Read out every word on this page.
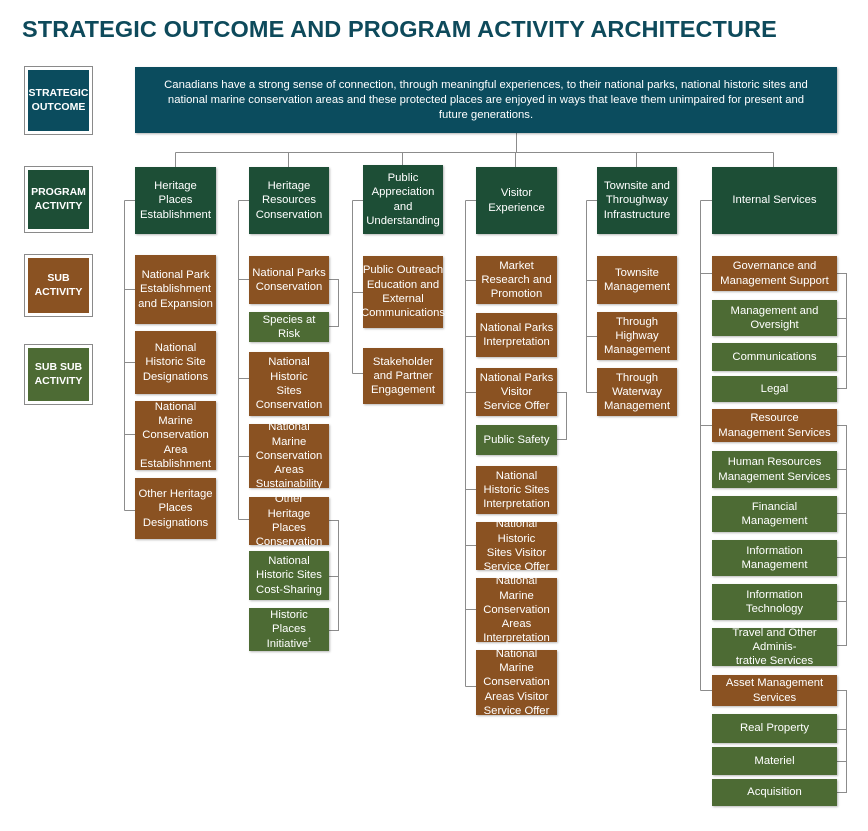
STRATEGIC OUTCOME AND PROGRAM ACTIVITY ARCHITECTURE
STRATEGIC
OUTCOME
PROGRAM
ACTIVITY
SUB
ACTIVITY
SUB SUB
ACTIVITY
Canadians have a strong sense of connection, through meaningful experiences, to their national parks, national historic sites and national marine conservation areas and these protected places are enjoyed in ways that leave them unimpaired for present and future generations.
Heritage
Places
Establishment
National Park
Establishment
and Expansion
National
Historic Site
Designations
National Marine
Conservation
Area
Establishment
Other Heritage
Places
Designations
Heritage
Resources
Conservation
National Parks
Conservation
Species at Risk
National
Historic
Sites
Conservation
National Marine
Conservation
Areas
Sustainability
Other Heritage
Places
Conservation
National
Historic Sites
Cost-Sharing
Historic Places
Initiative$^1$
Public
Appreciation
and
Understanding
Public Outreach
Education and
External
Communications
Stakeholder
and Partner
Engagement
Visitor
Experience
Market
Research and
Promotion
National Parks
Interpretation
National Parks
Visitor
Service Offer
Public Safety
National
Historic Sites
Interpretation
National Historic
Sites Visitor
Service Offer
National Marine
Conservation
Areas
Interpretation
National Marine
Conservation
Areas Visitor
Service Offer
Townsite and
Throughway
Infrastructure
Townsite
Management
Through
Highway
Management
Through
Waterway
Management
Internal Services
Governance and
Management Support
Management and
Oversight
Communications
Legal
Resource
Management Services
Human Resources
Management Services
Financial
Management
Information
Management
Information
Technology
Travel and Other Adminis-
trative Services
Asset Management
Services
Real Property
Materiel
Acquisition
